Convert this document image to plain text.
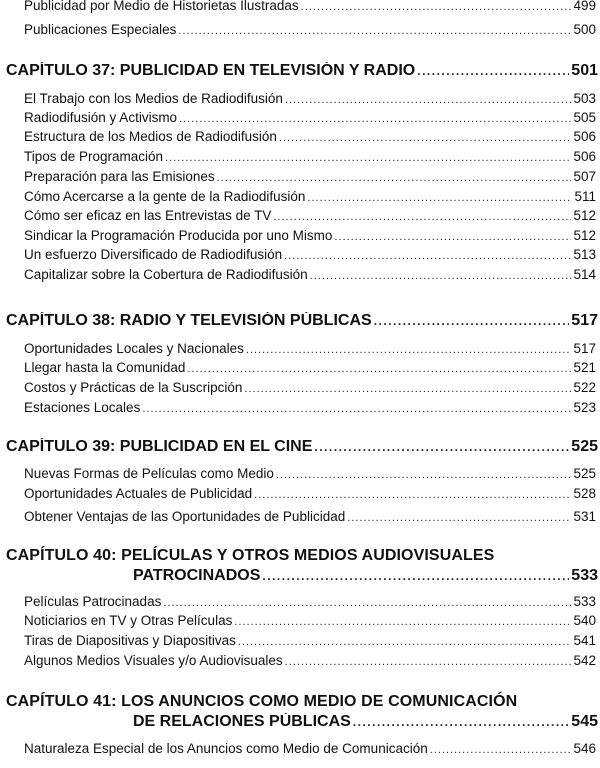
Publicidad por Medio de Historietas Ilustradas .....	499
Publicaciones Especiales .....	500
CAPÍTULO 37: PUBLICIDAD EN TELEVISIÓN Y RADIO .....	501
El Trabajo con los Medios de Radiodifusión .....	503
Radiodifusión y Activismo .....	505
Estructura de los Medios de Radiodifusión .....	506
Tipos de Programación .....	506
Preparación para las Emisiones .....	507
Cómo Acercarse a la gente de la Radiodifusión .....	511
Cómo ser eficaz en las Entrevistas de TV .....	512
Sindicar la Programación Producida por uno Mismo .....	512
Un esfuerzo Diversificado de Radiodifusión .....	513
Capitalizar sobre la Cobertura de Radiodifusión .....	514
CAPÍTULO 38: RADIO Y TELEVISIÓN PÚBLICAS .....	517
Oportunidades Locales y Nacionales .....	517
Llegar hasta la Comunidad .....	521
Costos y Prácticas de la Suscripción .....	522
Estaciones Locales .....	523
CAPÍTULO 39: PUBLICIDAD EN EL CINE .....	525
Nuevas Formas de Películas como Medio .....	525
Oportunidades Actuales de Publicidad .....	528
Obtener Ventajas de las Oportunidades de Publicidad .....	531
CAPÍTULO 40: PELÍCULAS Y OTROS MEDIOS AUDIOVISUALES
PATROCINADOS .....	533
Películas Patrocinadas .....	533
Noticiarios en TV y Otras Películas .....	540
Tiras de Diapositivas y Diapositivas .....	541
Algunos Medios Visuales y/o Audiovisuales .....	542
CAPÍTULO 41: LOS ANUNCIOS COMO MEDIO DE COMUNICACIÓN
DE RELACIONES PÚBLICAS .....	545
Naturaleza Especial de los Anuncios como Medio de Comunicación .....	546
